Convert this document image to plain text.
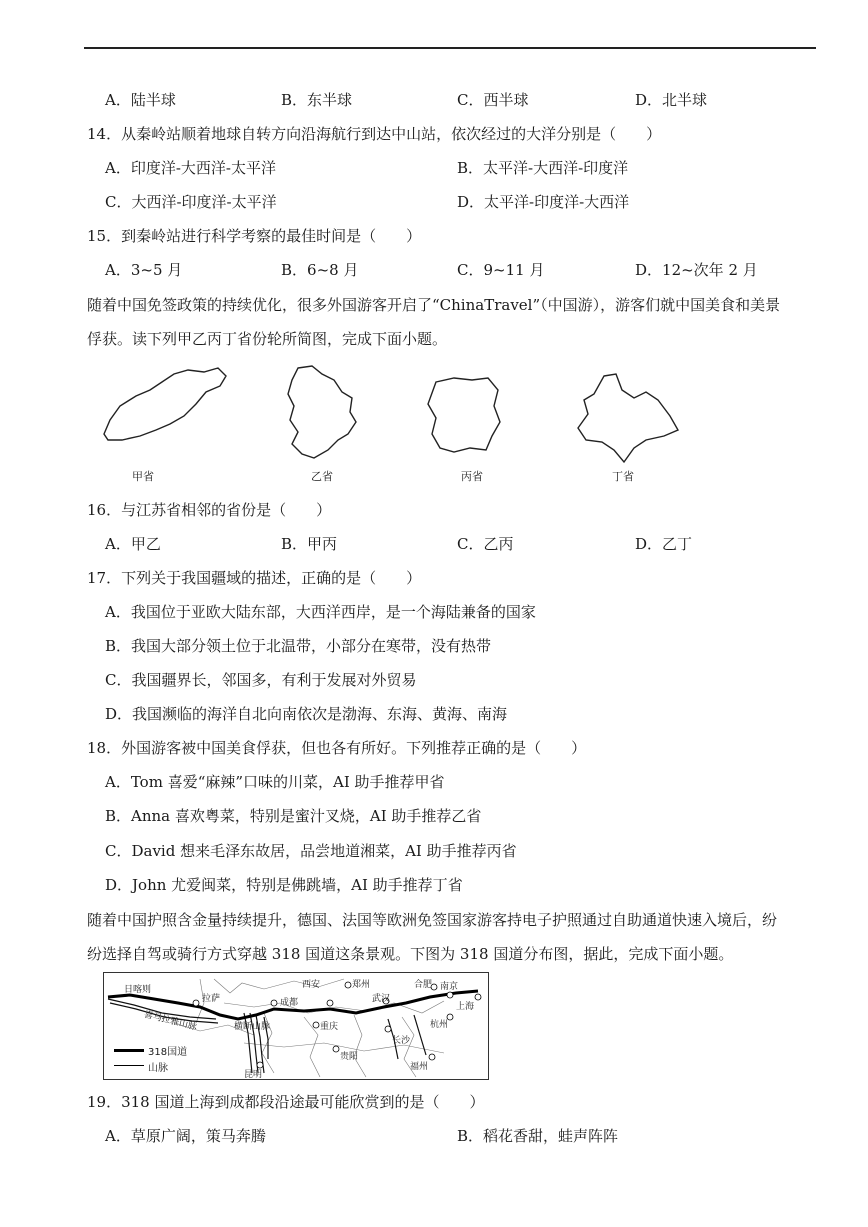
A．陆半球	B．东半球	C．西半球	D．北半球
14．从秦岭站顺着地球自转方向沿海航行到达中山站，依次经过的大洋分别是（　　）
A．印度洋-大西洋-太平洋	B．太平洋-大西洋-印度洋
C．大西洋-印度洋-太平洋	D．太平洋-印度洋-大西洋
15．到秦岭站进行科学考察的最佳时间是（　　）
A．3~5 月	B．6~8 月	C．9~11 月	D．12~次年 2 月
随着中国免签政策的持续优化，很多外国游客开启了“ChinaTravel”（中国游），游客们就中国美食和美景
俘获。读下列甲乙丙丁省份轮所简图，完成下面小题。
甲省	乙省	丙省	丁省
16．与江苏省相邻的省份是（　　）
A．甲乙	B．甲丙	C．乙丙	D．乙丁
17．下列关于我国疆域的描述，正确的是（　　）
A．我国位于亚欧大陆东部，大西洋西岸，是一个海陆兼备的国家
B．我国大部分领土位于北温带，小部分在寒带，没有热带
C．我国疆界长，邻国多，有利于发展对外贸易
D．我国濒临的海洋自北向南依次是渤海、东海、黄海、南海
18．外国游客被中国美食俘获，但也各有所好。下列推荐正确的是（　　）
A．Tom 喜爱“麻辣”口味的川菜，AI 助手推荐甲省
B．Anna 喜欢粤菜，特别是蜜汁叉烧，AI 助手推荐乙省
C．David 想来毛泽东故居，品尝地道湘菜，AI 助手推荐丙省
D．John 尤爱闽菜，特别是佛跳墙，AI 助手推荐丁省
随着中国护照含金量持续提升，德国、法国等欧洲免签国家游客持电子护照通过自助通道快速入境后，纷
纷选择自驾或骑行方式穿越 318 国道这条景观。下图为 318 国道分布图，据此，完成下面小题。
日喀则
拉萨	成都
西安	郑州	合肥 南京
上海
武汉
杭州
重庆
长沙
贵阳
昆明
福州
喜马拉雅山脉	横断山脉
318国道
山脉
19．318 国道上海到成都段沿途最可能欣赏到的是（　　）
A．草原广阔，策马奔腾	B．稻花香甜，蛙声阵阵
